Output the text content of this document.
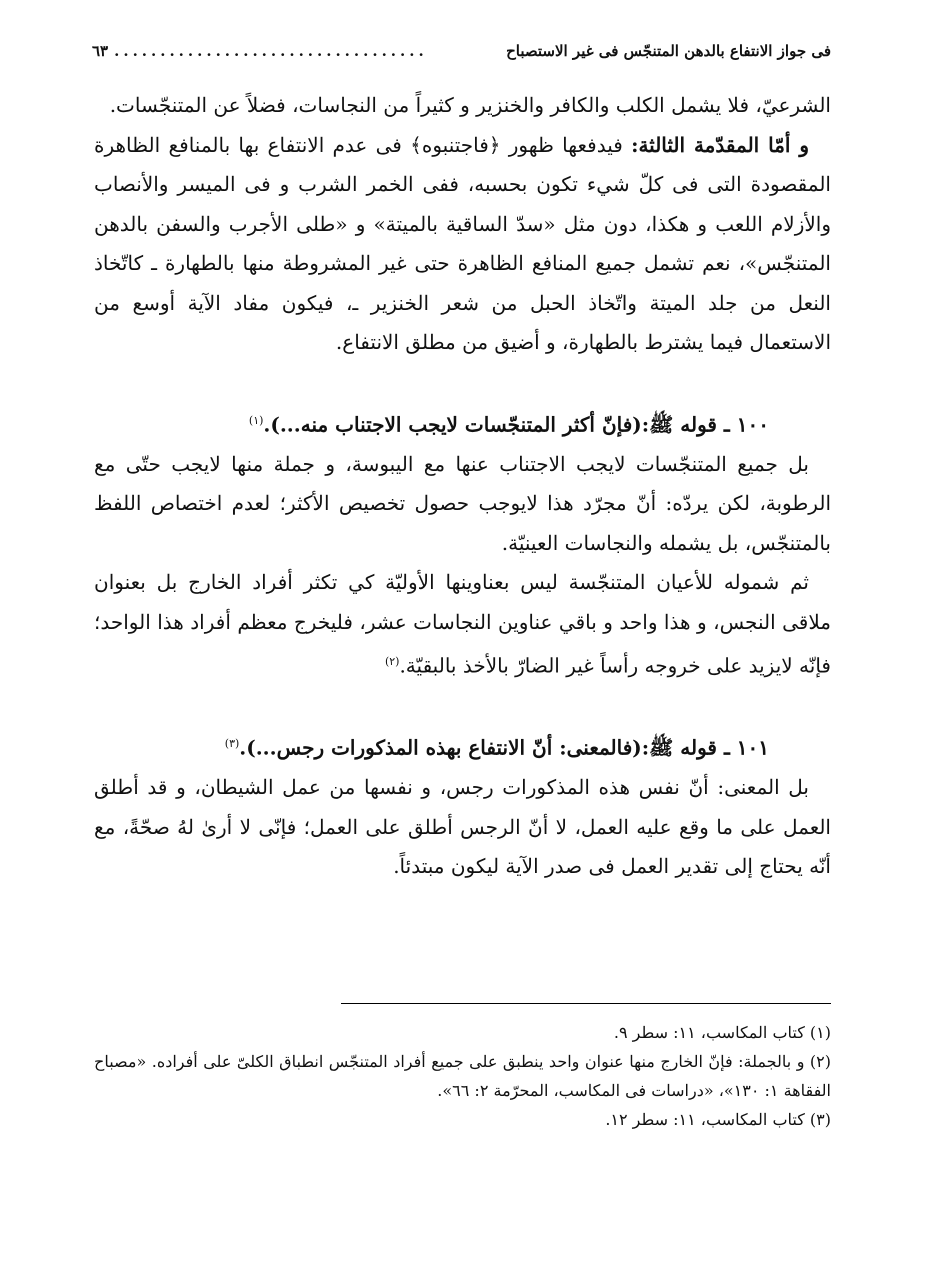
فى جواز الانتفاع بالدهن المتنجّس فى غير الاستصباح
..................................
٦٣

الشرعيّ، فلا يشمل الكلب والكافر والخنزير و كثيراً من النجاسات، فضلاً عن المتنجّسات.

و أمّا المقدّمة الثالثة: فيدفعها ظهور ﴿فاجتنبوه﴾ فى عدم الانتفاع بها بالمنافع الظاهرة المقصودة التى فى كلّ شيء تكون بحسبه، ففى الخمر الشرب و فى الميسر والأنصاب والأزلام اللعب و هكذا، دون مثل «سدّ الساقية بالميتة» و «طلى الأجرب والسفن بالدهن المتنجّس»، نعم تشمل جميع المنافع الظاهرة حتى غير المشروطة منها بالطهارة ـ كاتّخاذ النعل من جلد الميتة واتّخاذ الحبل من شعر الخنزير ـ، فيكون مفاد الآية أوسع من الاستعمال فيما يشترط بالطهارة، و أضيق من مطلق الانتفاع.

١٠٠ ـ قوله ﷺ:(فإنّ أكثر المتنجّسات لايجب الاجتناب منه...).$^{(١)}$

بل جميع المتنجّسات لايجب الاجتناب عنها مع اليبوسة، و جملة منها لايجب حتّى مع الرطوبة، لكن يردّه: أنّ مجرّد هذا لايوجب حصول تخصيص الأكثر؛ لعدم اختصاص اللفظ بالمتنجّس، بل يشمله والنجاسات العينيّة.

ثم شموله للأعيان المتنجّسة ليس بعناوينها الأوليّة كي تكثر أفراد الخارج بل بعنوان ملاقى النجس، و هذا واحد و باقي عناوين النجاسات عشر، فليخرج معظم أفراد هذا الواحد؛ فإنّه لايزيد على خروجه رأساً غير الضارّ بالأخذ بالبقيّة.$^{(٢)}$

١٠١ ـ قوله ﷺ:(فالمعنى: أنّ الانتفاع بهذه المذكورات رجس...).$^{(٣)}$

بل المعنى: أنّ نفس هذه المذكورات رجس، و نفسها من عمل الشيطان، و قد أطلق العمل على ما وقع عليه العمل، لا أنّ الرجس أطلق على العمل؛ فإنّى لا أرىٰ لهُ صحّةً، مع أنّه يحتاج إلى تقدير العمل فى صدر الآية ليكون مبتدئاً.

(١) كتاب المكاسب، ١١: سطر ٩.

(٢) و بالجملة: فإنّ الخارج منها عنوان واحد ينطبق على جميع أفراد المتنجّس انطباق الكلىّ على أفراده. «مصباح الفقاهة ١: ١٣٠»، «دراسات فى المكاسب، المحرّمة ٢: ٦٦».

(٣) كتاب المكاسب، ١١: سطر ١٢.
